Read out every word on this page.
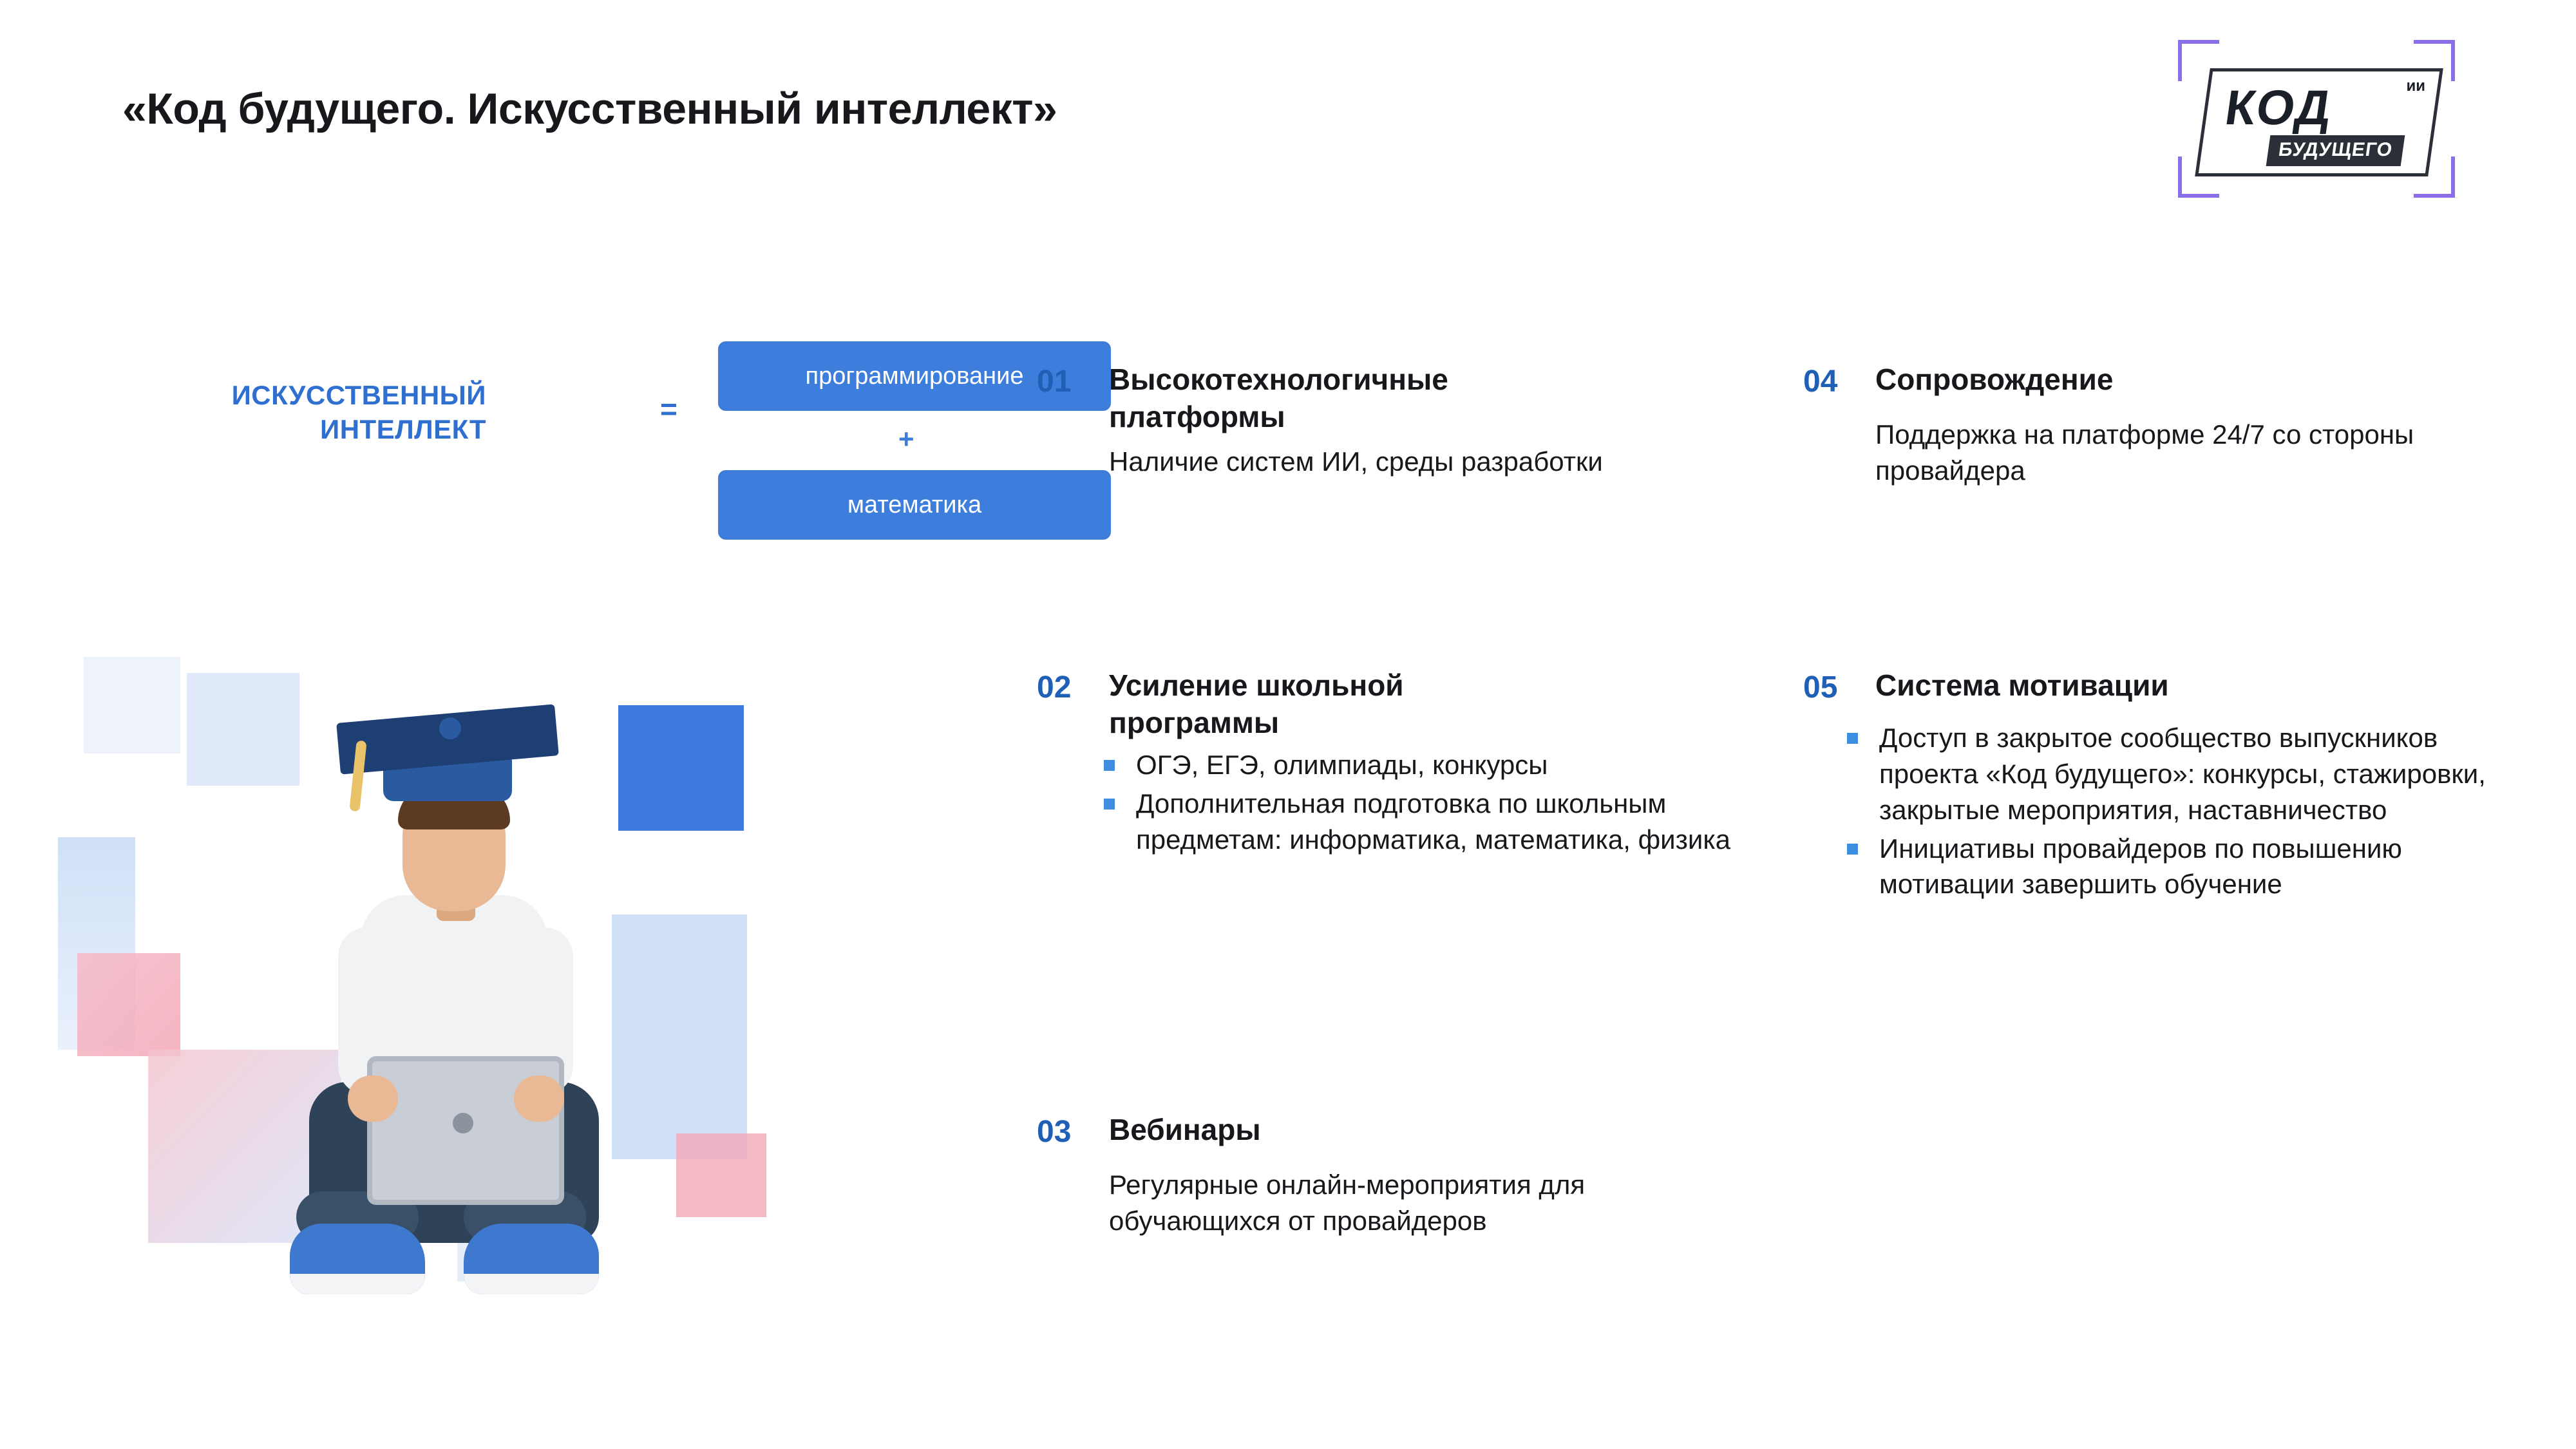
«Код будущего. Искусственный интеллект»	КОД	ии
БУДУЩЕГО
ИСКУССТВЕННЫЙ
ИНТЕЛЛЕКТ
=
программирование
+
математика
01 Высокотехнологичные
платформы
Наличие систем ИИ, среды разработки
02 Усиление школьной
программы
ОГЭ, ЕГЭ, олимпиады, конкурсы
Дополнительная подготовка по школьным предметам: информатика, математика, физика
03 Вебинары
Регулярные онлайн-мероприятия для обучающихся от провайдеров
04 Сопровождение
Поддержка на платформе 24/7 со стороны провайдера
05 Система мотивации
Доступ в закрытое сообщество выпускников проекта «Код будущего»: конкурсы, стажировки, закрытые мероприятия, наставничество
Инициативы провайдеров по повышению мотивации завершить обучение
